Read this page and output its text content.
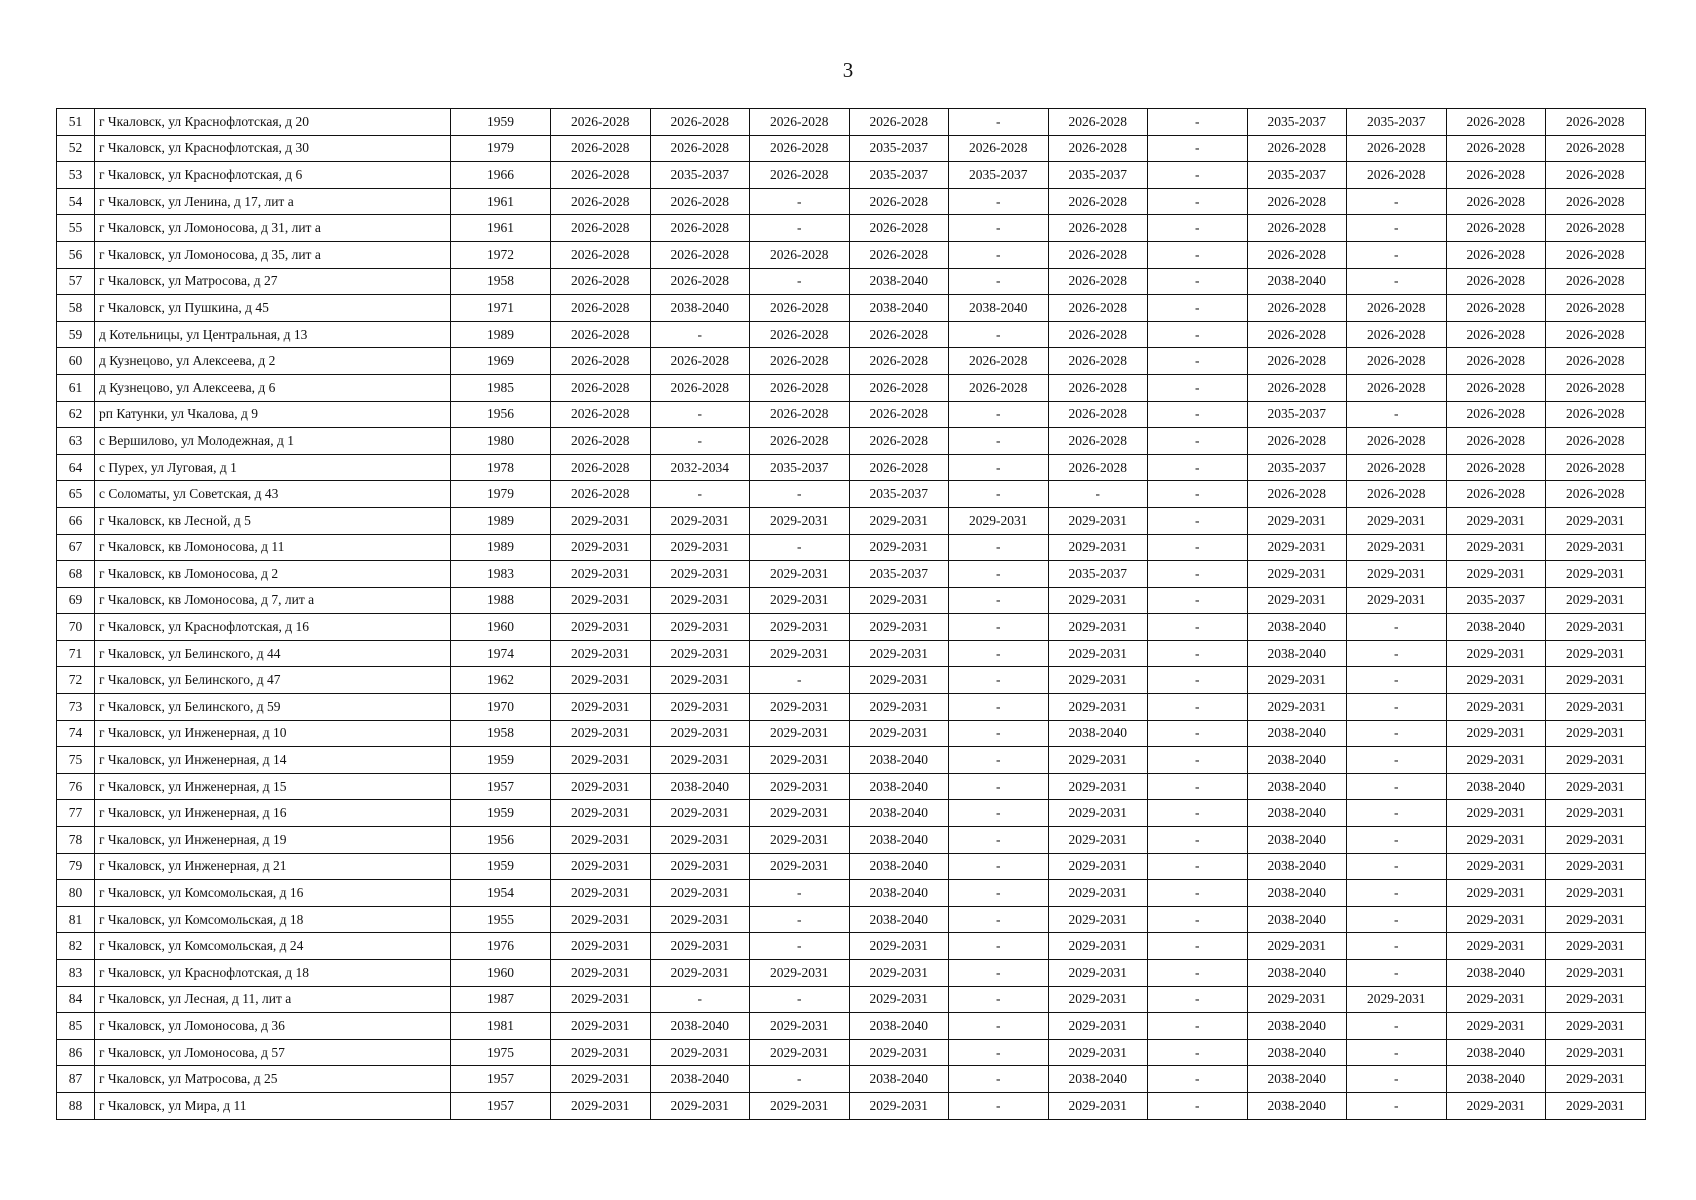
3
51	г Чкаловск, ул Краснофлотская, д 20	1959	2026-2028	2026-2028	2026-2028	2026-2028	-	2026-2028	-	2035-2037	2035-2037	2026-2028	2026-2028
52	г Чкаловск, ул Краснофлотская, д 30	1979	2026-2028	2026-2028	2026-2028	2035-2037	2026-2028	2026-2028	-	2026-2028	2026-2028	2026-2028	2026-2028
53	г Чкаловск, ул Краснофлотская, д 6	1966	2026-2028	2035-2037	2026-2028	2035-2037	2035-2037	2035-2037	-	2035-2037	2026-2028	2026-2028	2026-2028
54	г Чкаловск, ул Ленина, д 17, лит а	1961	2026-2028	2026-2028	-	2026-2028	-	2026-2028	-	2026-2028	-	2026-2028	2026-2028
55	г Чкаловск, ул Ломоносова, д 31, лит а	1961	2026-2028	2026-2028	-	2026-2028	-	2026-2028	-	2026-2028	-	2026-2028	2026-2028
56	г Чкаловск, ул Ломоносова, д 35, лит а	1972	2026-2028	2026-2028	2026-2028	2026-2028	-	2026-2028	-	2026-2028	-	2026-2028	2026-2028
57	г Чкаловск, ул Матросова, д 27	1958	2026-2028	2026-2028	-	2038-2040	-	2026-2028	-	2038-2040	-	2026-2028	2026-2028
58	г Чкаловск, ул Пушкина, д 45	1971	2026-2028	2038-2040	2026-2028	2038-2040	2038-2040	2026-2028	-	2026-2028	2026-2028	2026-2028	2026-2028
59	д Котельницы, ул Центральная, д 13	1989	2026-2028	-	2026-2028	2026-2028	-	2026-2028	-	2026-2028	2026-2028	2026-2028	2026-2028
60	д Кузнецово, ул Алексеева, д 2	1969	2026-2028	2026-2028	2026-2028	2026-2028	2026-2028	2026-2028	-	2026-2028	2026-2028	2026-2028	2026-2028
61	д Кузнецово, ул Алексеева, д 6	1985	2026-2028	2026-2028	2026-2028	2026-2028	2026-2028	2026-2028	-	2026-2028	2026-2028	2026-2028	2026-2028
62	рп Катунки, ул Чкалова, д 9	1956	2026-2028	-	2026-2028	2026-2028	-	2026-2028	-	2035-2037	-	2026-2028	2026-2028
63	с Вершилово, ул Молодежная, д 1	1980	2026-2028	-	2026-2028	2026-2028	-	2026-2028	-	2026-2028	2026-2028	2026-2028	2026-2028
64	с Пурех, ул Луговая, д 1	1978	2026-2028	2032-2034	2035-2037	2026-2028	-	2026-2028	-	2035-2037	2026-2028	2026-2028	2026-2028
65	с Соломаты, ул Советская, д 43	1979	2026-2028	-	-	2035-2037	-	-	-	2026-2028	2026-2028	2026-2028	2026-2028
66	г Чкаловск, кв Лесной, д 5	1989	2029-2031	2029-2031	2029-2031	2029-2031	2029-2031	2029-2031	-	2029-2031	2029-2031	2029-2031	2029-2031
67	г Чкаловск, кв Ломоносова, д 11	1989	2029-2031	2029-2031	-	2029-2031	-	2029-2031	-	2029-2031	2029-2031	2029-2031	2029-2031
68	г Чкаловск, кв Ломоносова, д 2	1983	2029-2031	2029-2031	2029-2031	2035-2037	-	2035-2037	-	2029-2031	2029-2031	2029-2031	2029-2031
69	г Чкаловск, кв Ломоносова, д 7, лит а	1988	2029-2031	2029-2031	2029-2031	2029-2031	-	2029-2031	-	2029-2031	2029-2031	2035-2037	2029-2031
70	г Чкаловск, ул Краснофлотская, д 16	1960	2029-2031	2029-2031	2029-2031	2029-2031	-	2029-2031	-	2038-2040	-	2038-2040	2029-2031
71	г Чкаловск, ул Белинского, д 44	1974	2029-2031	2029-2031	2029-2031	2029-2031	-	2029-2031	-	2038-2040	-	2029-2031	2029-2031
72	г Чкаловск, ул Белинского, д 47	1962	2029-2031	2029-2031	-	2029-2031	-	2029-2031	-	2029-2031	-	2029-2031	2029-2031
73	г Чкаловск, ул Белинского, д 59	1970	2029-2031	2029-2031	2029-2031	2029-2031	-	2029-2031	-	2029-2031	-	2029-2031	2029-2031
74	г Чкаловск, ул Инженерная, д 10	1958	2029-2031	2029-2031	2029-2031	2029-2031	-	2038-2040	-	2038-2040	-	2029-2031	2029-2031
75	г Чкаловск, ул Инженерная, д 14	1959	2029-2031	2029-2031	2029-2031	2038-2040	-	2029-2031	-	2038-2040	-	2029-2031	2029-2031
76	г Чкаловск, ул Инженерная, д 15	1957	2029-2031	2038-2040	2029-2031	2038-2040	-	2029-2031	-	2038-2040	-	2038-2040	2029-2031
77	г Чкаловск, ул Инженерная, д 16	1959	2029-2031	2029-2031	2029-2031	2038-2040	-	2029-2031	-	2038-2040	-	2029-2031	2029-2031
78	г Чкаловск, ул Инженерная, д 19	1956	2029-2031	2029-2031	2029-2031	2038-2040	-	2029-2031	-	2038-2040	-	2029-2031	2029-2031
79	г Чкаловск, ул Инженерная, д 21	1959	2029-2031	2029-2031	2029-2031	2038-2040	-	2029-2031	-	2038-2040	-	2029-2031	2029-2031
80	г Чкаловск, ул Комсомольская, д 16	1954	2029-2031	2029-2031	-	2038-2040	-	2029-2031	-	2038-2040	-	2029-2031	2029-2031
81	г Чкаловск, ул Комсомольская, д 18	1955	2029-2031	2029-2031	-	2038-2040	-	2029-2031	-	2038-2040	-	2029-2031	2029-2031
82	г Чкаловск, ул Комсомольская, д 24	1976	2029-2031	2029-2031	-	2029-2031	-	2029-2031	-	2029-2031	-	2029-2031	2029-2031
83	г Чкаловск, ул Краснофлотская, д 18	1960	2029-2031	2029-2031	2029-2031	2029-2031	-	2029-2031	-	2038-2040	-	2038-2040	2029-2031
84	г Чкаловск, ул Лесная, д 11, лит а	1987	2029-2031	-	-	2029-2031	-	2029-2031	-	2029-2031	2029-2031	2029-2031	2029-2031
85	г Чкаловск, ул Ломоносова, д 36	1981	2029-2031	2038-2040	2029-2031	2038-2040	-	2029-2031	-	2038-2040	-	2029-2031	2029-2031
86	г Чкаловск, ул Ломоносова, д 57	1975	2029-2031	2029-2031	2029-2031	2029-2031	-	2029-2031	-	2038-2040	-	2038-2040	2029-2031
87	г Чкаловск, ул Матросова, д 25	1957	2029-2031	2038-2040	-	2038-2040	-	2038-2040	-	2038-2040	-	2038-2040	2029-2031
88	г Чкаловск, ул Мира, д 11	1957	2029-2031	2029-2031	2029-2031	2029-2031	-	2029-2031	-	2038-2040	-	2029-2031	2029-2031
